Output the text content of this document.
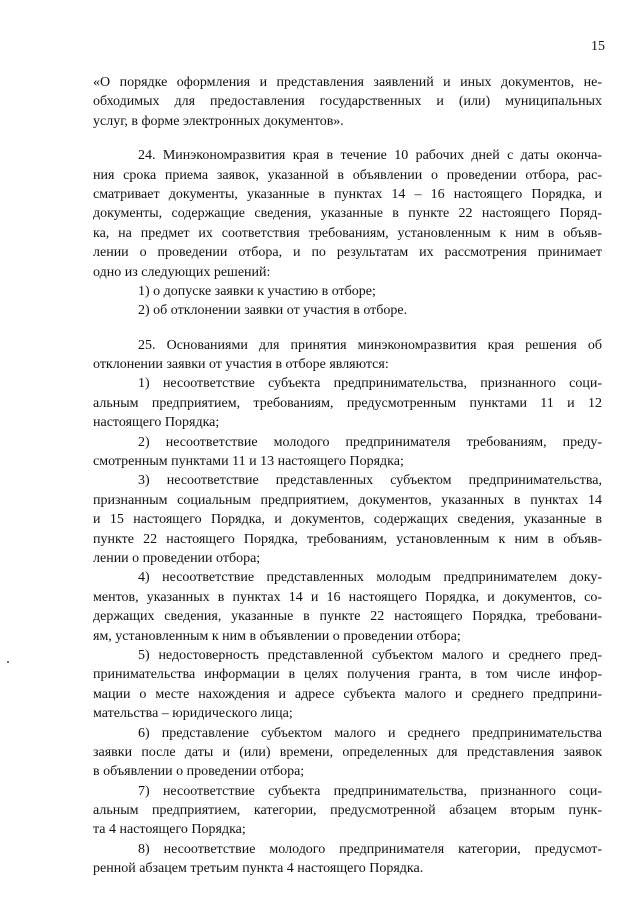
15
«О порядке оформления и представления заявлений и иных документов, не-
обходимых для предоставления государственных и (или) муниципальных
услуг, в форме электронных документов».
24. Минэкономразвития края в течение 10 рабочих дней с даты оконча-
ния срока приема заявок, указанной в объявлении о проведении отбора, рас-
сматривает документы, указанные в пунктах 14 – 16 настоящего Порядка, и
документы, содержащие сведения, указанные в пункте 22 настоящего Поряд-
ка, на предмет их соответствия требованиям, установленным к ним в объяв-
лении о проведении отбора, и по результатам их рассмотрения принимает
одно из следующих решений:
1) о допуске заявки к участию в отборе;
2) об отклонении заявки от участия в отборе.
25. Основаниями для принятия минэкономразвития края решения об
отклонении заявки от участия в отборе являются:
1) несоответствие субъекта предпринимательства, признанного соци-
альным предприятием, требованиям, предусмотренным пунктами 11 и 12
настоящего Порядка;
2) несоответствие молодого предпринимателя требованиям, преду-
смотренным пунктами 11 и 13 настоящего Порядка;
3) несоответствие представленных субъектом предпринимательства,
признанным социальным предприятием, документов, указанных в пунктах 14
и 15 настоящего Порядка, и документов, содержащих сведения, указанные в
пункте 22 настоящего Порядка, требованиям, установленным к ним в объяв-
лении о проведении отбора;
4) несоответствие представленных молодым предпринимателем доку-
ментов, указанных в пунктах 14 и 16 настоящего Порядка, и документов, со-
держащих сведения, указанные в пункте 22 настоящего Порядка, требовани-
ям, установленным к ним в объявлении о проведении отбора;
5) недостоверность представленной субъектом малого и среднего пред-
принимательства информации в целях получения гранта, в том числе инфор-
мации о месте нахождения и адресе субъекта малого и среднего предприни-
мательства – юридического лица;
6) представление субъектом малого и среднего предпринимательства
заявки после даты и (или) времени, определенных для представления заявок
в объявлении о проведении отбора;
7) несоответствие субъекта предпринимательства, признанного соци-
альным предприятием, категории, предусмотренной абзацем вторым пунк-
та 4 настоящего Порядка;
8) несоответствие молодого предпринимателя категории, предусмот-
ренной абзацем третьим пункта 4 настоящего Порядка.
